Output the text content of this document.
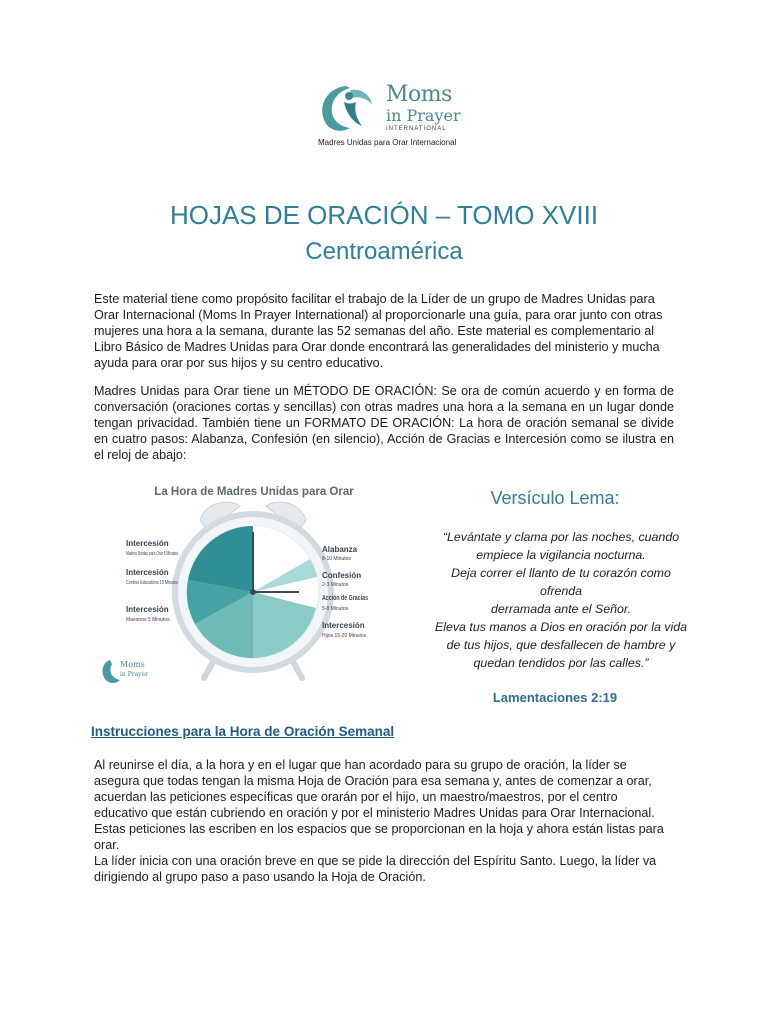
Moms
in Prayer
INTERNATIONAL
Madres Unidas para Orar Internacional
HOJAS DE ORACIÓN – TOMO XVIII
Centroamérica
Este material tiene como propósito facilitar el trabajo de la Líder de un grupo de Madres Unidas para Orar Internacional (Moms In Prayer International) al proporcionarle una guía, para orar junto con otras mujeres una hora a la semana, durante las 52 semanas del año. Este material es complementario al Libro Básico de Madres Unidas para Orar donde encontrará las generalidades del ministerio y mucha ayuda para orar por sus hijos y su centro educativo.
Madres Unidas para Orar tiene un MÉTODO DE ORACIÓN: Se ora de común acuerdo y en forma de conversación (oraciones cortas y sencillas) con otras madres una hora a la semana en un lugar donde tengan privacidad. También tiene un FORMATO DE ORACIÓN: La hora de oración semanal se divide en cuatro pasos: Alabanza, Confesión (en silencio), Acción de Gracias e Intercesión como se ilustra en el reloj de abajo:
La Hora de Madres Unidas para Orar
Intercesión
Madres Unidas para Orar 5 Minutos
Intercesión
Centros Educativos 10 Minutos
Intercesión
Maestros 5 Minutos
Alabanza
8-10 Minutos
Confesión
2-3 Minutos
Acción de Gracias
5-8 Minutos
Intercesión
Hijos 15-20 Minutos
Moms
in Prayer
Versículo Lema:
“Levántate y clama por las noches, cuando
empiece la vigilancia nocturna.
Deja correr el llanto de tu corazón como
ofrenda
derramada ante el Señor.
Eleva tus manos a Dios en oración por la vida
de tus hijos, que desfallecen de hambre y
quedan tendidos por las calles.”
Lamentaciones 2:19
Instrucciones para la Hora de Oración Semanal
Al reunirse el día, a la hora y en el lugar que han acordado para su grupo de oración, la líder se asegura que todas tengan la misma Hoja de Oración para esa semana y, antes de comenzar a orar, acuerdan las peticiones específicas que orarán por el hijo, un maestro/maestros, por el centro educativo que están cubriendo en oración y por el ministerio Madres Unidas para Orar Internacional. Estas peticiones las escriben en los espacios que se proporcionan en la hoja y ahora están listas para orar.
La líder inicia con una oración breve en que se pide la dirección del Espíritu Santo. Luego, la líder va dirigiendo al grupo paso a paso usando la Hoja de Oración.
